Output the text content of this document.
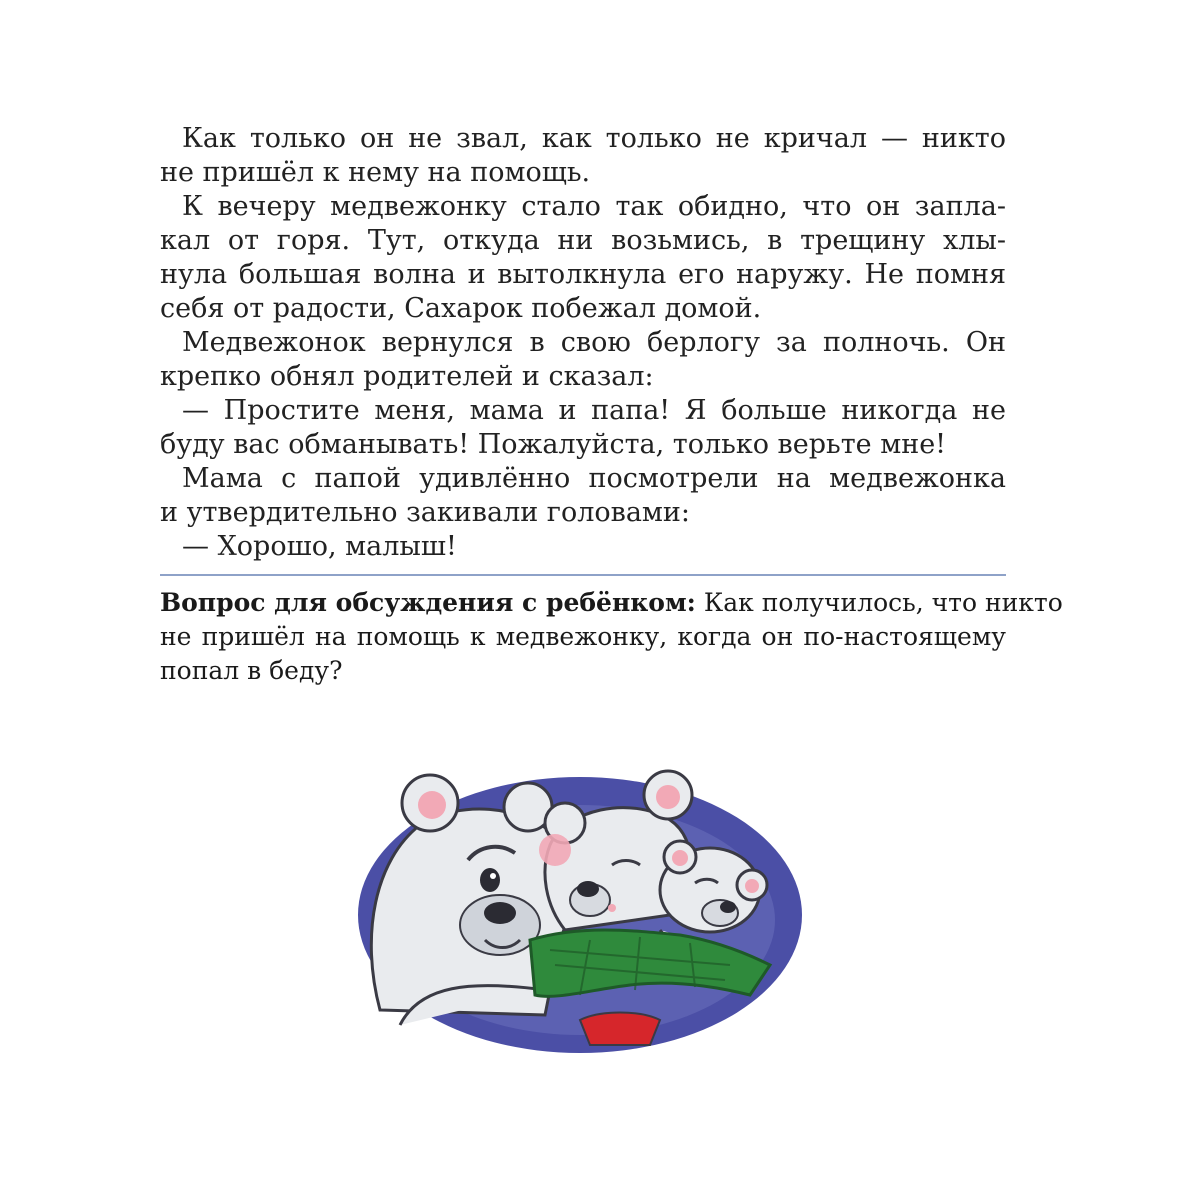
Как только он не звал, как только не кричал — никто
не пришёл к нему на помощь.
К вечеру медвежонку стало так обидно, что он запла-
кал от горя. Тут, откуда ни возьмись, в трещину хлы-
нула большая волна и вытолкнула его наружу. Не помня
себя от радости, Сахарок побежал домой.
Медвежонок вернулся в свою берлогу за полночь. Он
крепко обнял родителей и сказал:
— Простите меня, мама и папа! Я больше никогда не
буду вас обманывать! Пожалуйста, только верьте мне!
Мама с папой удивлённо посмотрели на медвежонка
и утвердительно закивали головами:
— Хорошо, малыш!
Вопрос для обсуждения с ребёнком: Как получилось, что никто
не пришёл на помощь к медвежонку, когда он по-настоящему
попал в беду?
